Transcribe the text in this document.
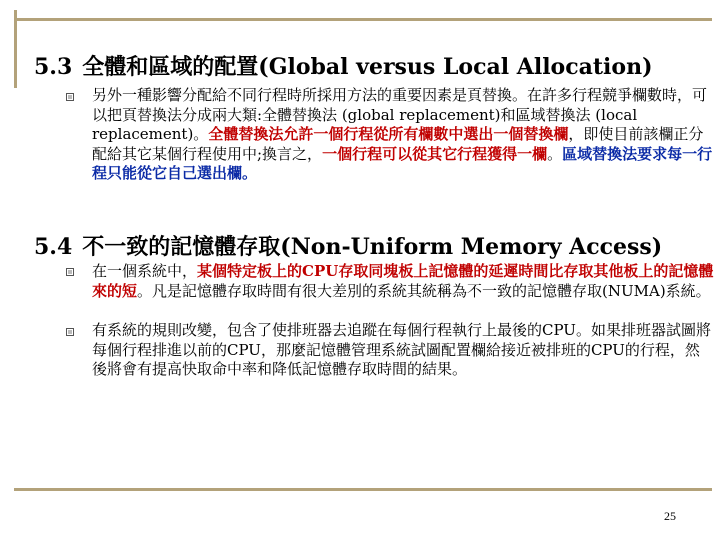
5.3 全體和區域的配置(Global versus Local Allocation)
另外一種影響分配給不同行程時所採用方法的重要因素是頁替換。在許多行程競爭欄數時，可以把頁替換法分成兩大類:全體替換法 (global replacement)和區域替換法 (local replacement)。全體替換法允許一個行程從所有欄數中選出一個替換欄，即使目前該欄正分配給其它某個行程使用中;換言之，一個行程可以從其它行程獲得一欄。區域替換法要求每一行程只能從它自己選出欄。
5.4 不一致的記憶體存取(Non-Uniform Memory Access)
在一個系統中，某個特定板上的CPU存取同塊板上記憶體的延遲時間比存取其他板上的記憶體來的短。凡是記憶體存取時間有很大差別的系統其統稱為不一致的記憶體存取(NUMA)系統。
有系統的規則改變，包含了使排班器去追蹤在每個行程執行上最後的CPU。如果排班器試圖將每個行程排進以前的CPU，那麼記憶體管理系統試圖配置欄給接近被排班的CPU的行程，然後將會有提高快取命中率和降低記憶體存取時間的結果。
25
